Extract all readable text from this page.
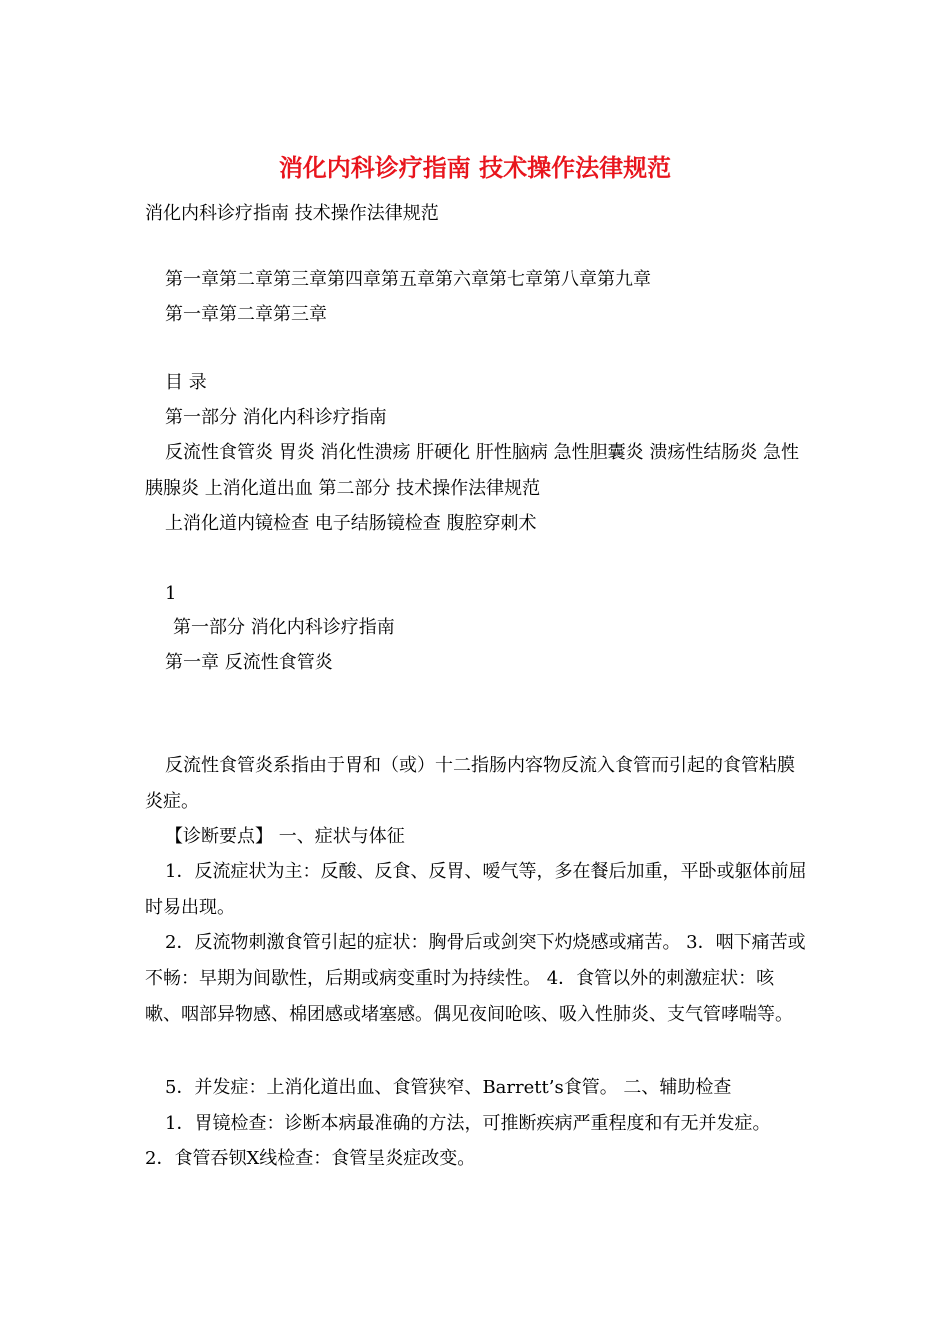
消化内科诊疗指南 技术操作法律规范

消化内科诊疗指南 技术操作法律规范

第一章第二章第三章第四章第五章第六章第七章第八章第九章

第一章第二章第三章

目 录

第一部分 消化内科诊疗指南

反流性食管炎 胃炎 消化性溃疡 肝硬化 肝性脑病 急性胆囊炎 溃疡性结肠炎 急性胰腺炎 上消化道出血 第二部分 技术操作法律规范

上消化道内镜检查 电子结肠镜检查 腹腔穿刺术

1

第一部分 消化内科诊疗指南

第一章 反流性食管炎

反流性食管炎系指由于胃和（或）十二指肠内容物反流入食管而引起的食管粘膜炎症。

【诊断要点】 一、症状与体征

1．反流症状为主：反酸、反食、反胃、嗳气等，多在餐后加重，平卧或躯体前屈时易出现。

2．反流物刺激食管引起的症状：胸骨后或剑突下灼烧感或痛苦。 3．咽下痛苦或不畅：早期为间歇性，后期或病变重时为持续性。 4．食管以外的刺激症状：咳嗽、咽部异物感、棉团感或堵塞感。偶见夜间呛咳、吸入性肺炎、支气管哮喘等。

5．并发症：上消化道出血、食管狭窄、Barrett’s食管。 二、辅助检查

1．胃镜检查：诊断本病最准确的方法，可推断疾病严重程度和有无并发症。

2．食管吞钡X线检查：食管呈炎症改变。
